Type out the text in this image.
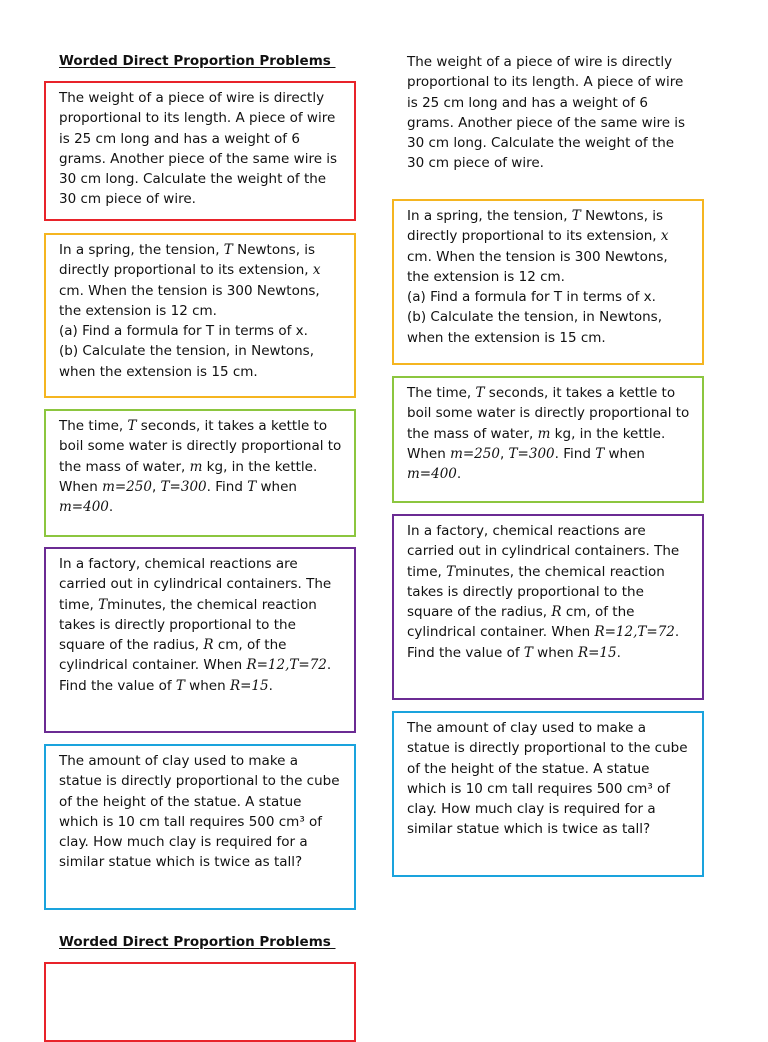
Worded Direct Proportion Problems
The weight of a piece of wire is directly proportional to its length. A piece of wire is 25 cm long and has a weight of 6 grams. Another piece of the same wire is 30 cm long. Calculate the weight of the 30 cm piece of wire.
In a spring, the tension, T Newtons, is directly proportional to its extension, x cm. When the tension is 300 Newtons, the extension is 12 cm.
(a) Find a formula for T in terms of x.
(b) Calculate the tension, in Newtons, when the extension is 15 cm.
The time, T seconds, it takes a kettle to boil some water is directly proportional to the mass of water, m kg, in the kettle. When m=250, T=300. Find T when m=400.
In a factory, chemical reactions are carried out in cylindrical containers. The time, Tminutes, the chemical reaction takes is directly proportional to the square of the radius, R cm, of the cylindrical container. When R=12,T=72. Find the value of T when R=15.
The amount of clay used to make a statue is directly proportional to the cube of the height of the statue. A statue which is 10 cm tall requires 500 cm³ of clay. How much clay is required for a similar statue which is twice as tall?
Worded Direct Proportion Problems
The weight of a piece of wire is directly proportional to its length. A piece of wire is 25 cm long and has a weight of 6 grams. Another piece of the same wire is 30 cm long. Calculate the weight of the 30 cm piece of wire.
In a spring, the tension, T Newtons, is directly proportional to its extension, x cm. When the tension is 300 Newtons, the extension is 12 cm.
(a) Find a formula for T in terms of x.
(b) Calculate the tension, in Newtons, when the extension is 15 cm.
The time, T seconds, it takes a kettle to boil some water is directly proportional to the mass of water, m kg, in the kettle. When m=250, T=300. Find T when m=400.
In a factory, chemical reactions are carried out in cylindrical containers. The time, Tminutes, the chemical reaction takes is directly proportional to the square of the radius, R cm, of the cylindrical container. When R=12,T=72. Find the value of T when R=15.
The amount of clay used to make a statue is directly proportional to the cube of the height of the statue. A statue which is 10 cm tall requires 500 cm³ of clay. How much clay is required for a similar statue which is twice as tall?
